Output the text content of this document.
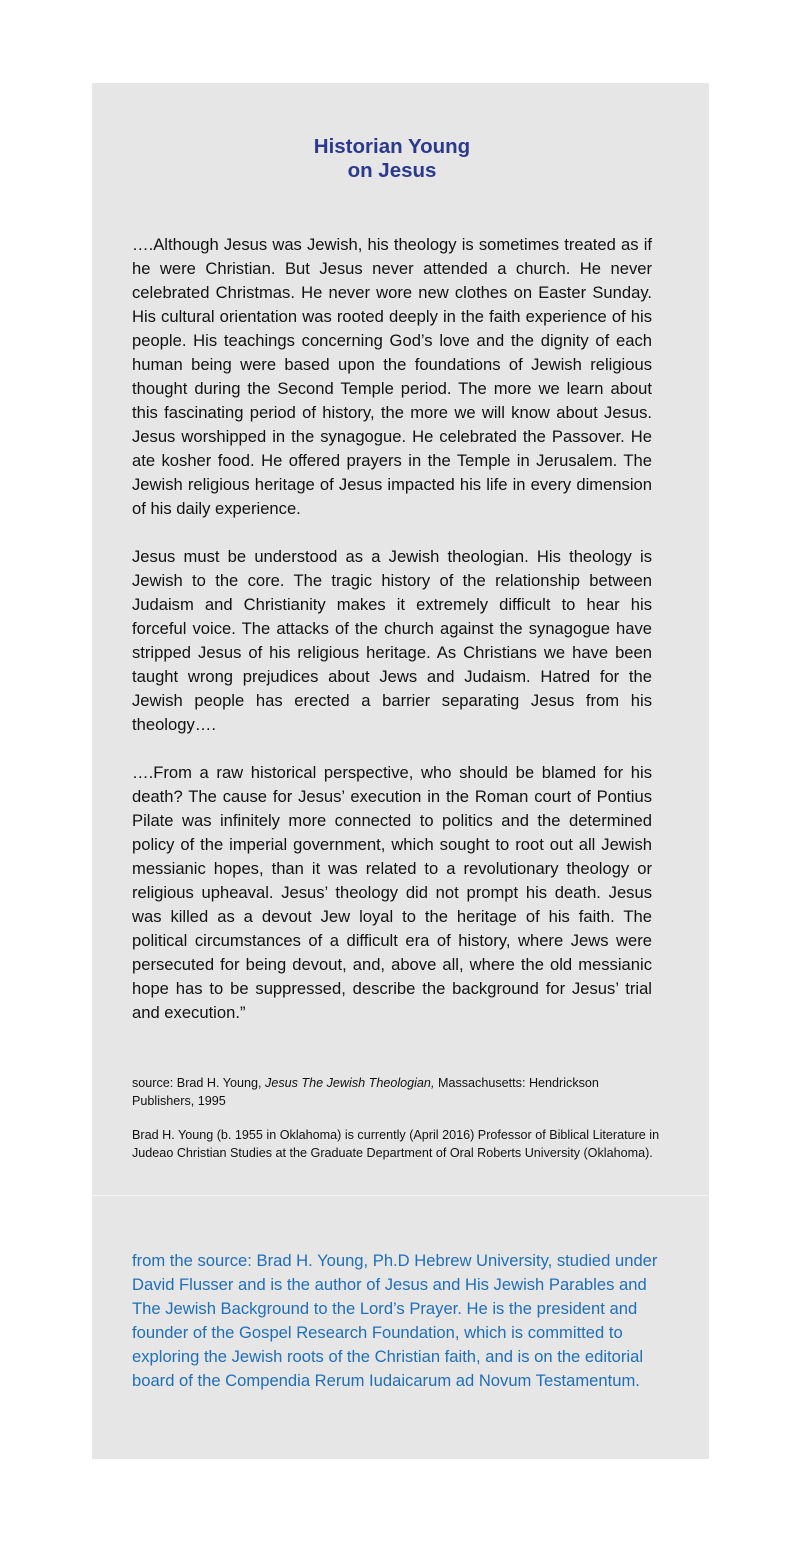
Historian Young
on Jesus

….Although Jesus was Jewish, his theology is sometimes treated as if he were Christian. But Jesus never attended a church. He never celebrated Christmas. He never wore new clothes on Easter Sunday. His cultural orientation was rooted deeply in the faith experience of his people. His teachings concerning God’s love and the dignity of each human being were based upon the foundations of Jewish religious thought during the Second Temple period. The more we learn about this fascinating period of history, the more we will know about Jesus. Jesus worshipped in the synagogue. He celebrated the Passover. He ate kosher food. He offered prayers in the Temple in Jerusalem. The Jewish religious heritage of Jesus impacted his life in every dimension of his daily experience.

Jesus must be understood as a Jewish theologian. His theology is Jewish to the core. The tragic history of the relationship between Judaism and Christianity makes it extremely difficult to hear his forceful voice. The attacks of the church against the synagogue have stripped Jesus of his religious heritage. As Christians we have been taught wrong prejudices about Jews and Judaism. Hatred for the Jewish people has erected a barrier separating Jesus from his theology….

….From a raw historical perspective, who should be blamed for his death? The cause for Jesus’ execution in the Roman court of Pontius Pilate was infinitely more connected to politics and the determined policy of the imperial government, which sought to root out all Jewish messianic hopes, than it was related to a revolutionary theology or religious upheaval. Jesus’ theology did not prompt his death. Jesus was killed as a devout Jew loyal to the heritage of his faith. The political circumstances of a difficult era of history, where Jews were persecuted for being devout, and, above all, where the old messianic hope has to be suppressed, describe the background for Jesus’ trial and execution.”

source: Brad H. Young, Jesus The Jewish Theologian, Massachusetts: Hendrickson Publishers, 1995

Brad H. Young (b. 1955 in Oklahoma) is currently (April 2016) Professor of Biblical Literature in Judeao Christian Studies at the Graduate Department of Oral Roberts University (Oklahoma).

from the source: Brad H. Young, Ph.D Hebrew University, studied under David Flusser and is the author of Jesus and His Jewish Parables and The Jewish Background to the Lord’s Prayer. He is the president and founder of the Gospel Research Foundation, which is committed to exploring the Jewish roots of the Christian faith, and is on the editorial board of the Compendia Rerum Iudaicarum ad Novum Testamentum.
